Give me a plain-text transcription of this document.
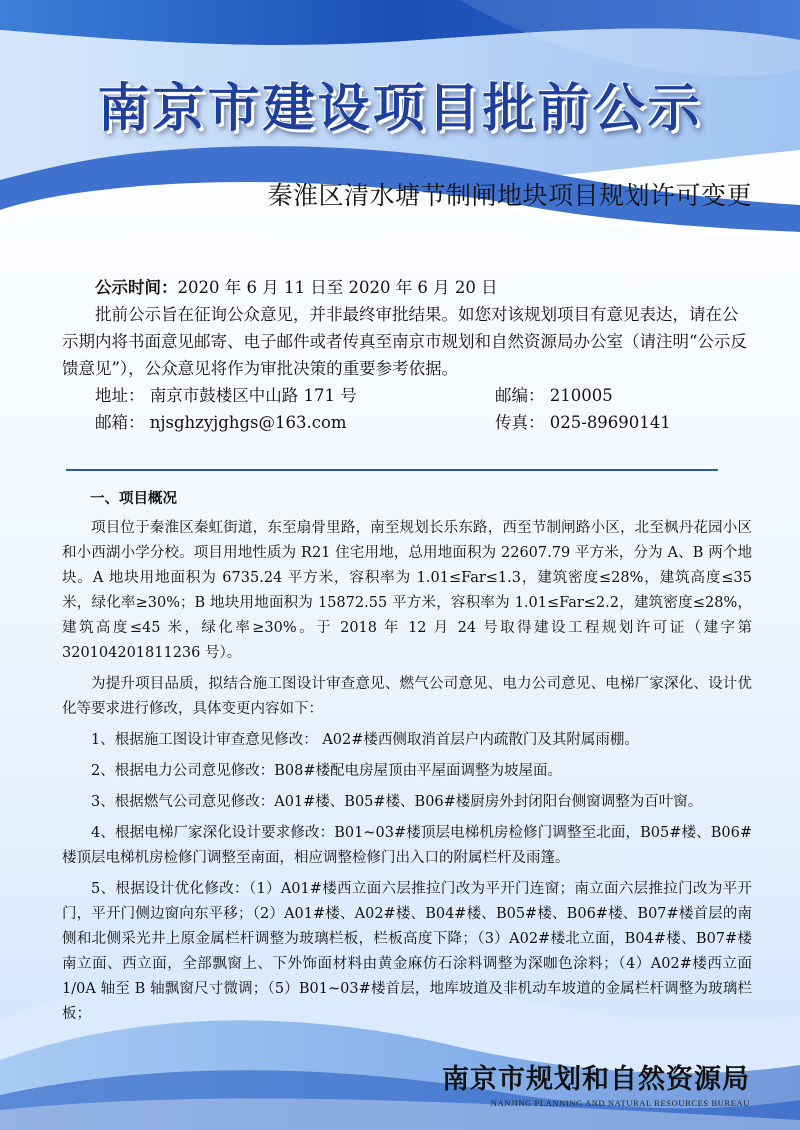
南京市建设项目批前公示
秦淮区清水塘节制闸地块项目规划许可变更

公示时间：2020 年 6 月 11 日至 2020 年 6 月 20 日

批前公示旨在征询公众意见，并非最终审批结果。如您对该规划项目有意见表达，请在公示期内将书面意见邮寄、电子邮件或者传真至南京市规划和自然资源局办公室（请注明“公示反馈意见”），公众意见将作为审批决策的重要参考依据。

地址： 南京市鼓楼区中山路 171 号	邮编： 210005
邮箱： njsghzyjghgs@163.com	传真： 025-89690141
一、项目概况

项目位于秦淮区秦虹街道，东至扇骨里路，南至规划长乐东路，西至节制闸路小区，北至枫丹花园小区和小西湖小学分校。项目用地性质为 R21 住宅用地，总用地面积为 22607.79 平方米，分为 A、B 两个地块。A 地块用地面积为 6735.24 平方米，容积率为 1.01≤Far≤1.3，建筑密度≤28%，建筑高度≤35 米，绿化率≥30%；B 地块用地面积为 15872.55 平方米，容积率为 1.01≤Far≤2.2，建筑密度≤28%，建筑高度≤45 米，绿化率≥30%。于 2018 年 12 月 24 号取得建设工程规划许可证（建字第 320104201811236 号）。

为提升项目品质，拟结合施工图设计审查意见、燃气公司意见、电力公司意见、电梯厂家深化、设计优化等要求进行修改，具体变更内容如下：

1、根据施工图设计审查意见修改： A02#楼西侧取消首层户内疏散门及其附属雨棚。

2、根据电力公司意见修改：B08#楼配电房屋顶由平屋面调整为坡屋面。

3、根据燃气公司意见修改：A01#楼、B05#楼、B06#楼厨房外封闭阳台侧窗调整为百叶窗。

4、根据电梯厂家深化设计要求修改：B01~03#楼顶层电梯机房检修门调整至北面，B05#楼、B06#楼顶层电梯机房检修门调整至南面，相应调整检修门出入口的附属栏杆及雨篷。

5、根据设计优化修改：（1）A01#楼西立面六层推拉门改为平开门连窗；南立面六层推拉门改为平开门，平开门侧边窗向东平移；（2）A01#楼、A02#楼、B04#楼、B05#楼、B06#楼、B07#楼首层的南侧和北侧采光井上原金属栏杆调整为玻璃栏板，栏板高度下降；（3）A02#楼北立面，B04#楼、B07#楼南立面、西立面，全部飘窗上、下外饰面材料由黄金麻仿石涂料调整为深咖色涂料；（4）A02#楼西立面 1/0A 轴至 B 轴飘窗尺寸微调；（5）B01~03#楼首层，地库坡道及非机动车坡道的金属栏杆调整为玻璃栏板；

南京市规划和自然资源局
NANJING PLANNING AND NATURAL RESOURCES BUREAU
